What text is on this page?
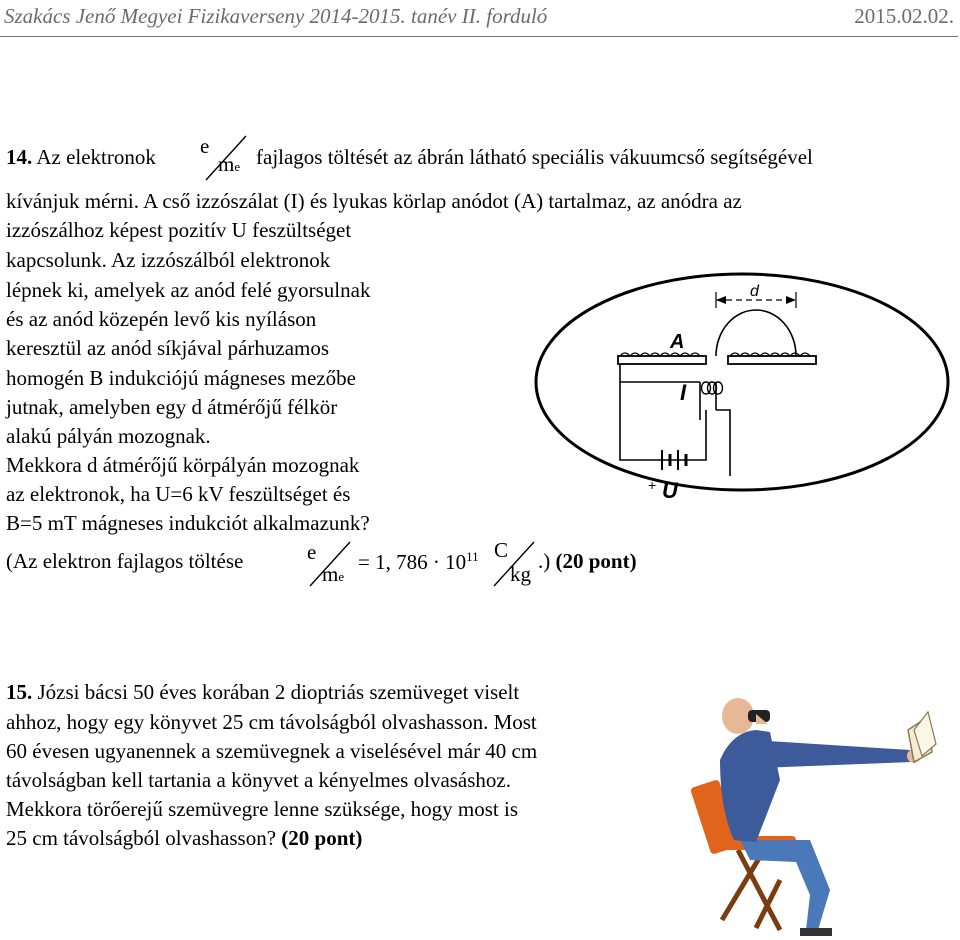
Szakács Jenő Megyei Fizikaverseny 2014-2015. tanév II. forduló	2015.02.02.
14. Az elektronok e
me fajlagos töltését az ábrán látható speciális vákuumcső segítségével
kívánjuk mérni. A cső izzószálat (I) és lyukas körlap anódot (A) tartalmaz, az anódra az
izzószálhoz képest pozitív U feszültséget
kapcsolunk. Az izzószálból elektronok
lépnek ki, amelyek az anód felé gyorsulnak
és az anód közepén levő kis nyíláson
keresztül az anód síkjával párhuzamos
homogén B indukciójú mágneses mezőbe
jutnak, amelyben egy d átmérőjű félkör
alakú pályán mozognak.
Mekkora d átmérőjű körpályán mozognak
az elektronok, ha U=6 kV feszültséget és
B=5 mT mágneses indukciót alkalmazunk?
(Az elektron fajlagos töltése	e
me
= 1, $786 \cdot 10^{11}$ C
kg
.) (20 pont)
d
A
I
+ U
15. Józsi bácsi 50 éves korában 2 dioptriás szemüveget viselt
ahhoz, hogy egy könyvet 25 cm távolságból olvashasson. Most
60 évesen ugyanennek a szemüvegnek a viselésével már 40 cm
távolságban kell tartania a könyvet a kényelmes olvasáshoz.
Mekkora törőerejű szemüvegre lenne szüksége, hogy most is
25 cm távolságból olvashasson? (20 pont)
